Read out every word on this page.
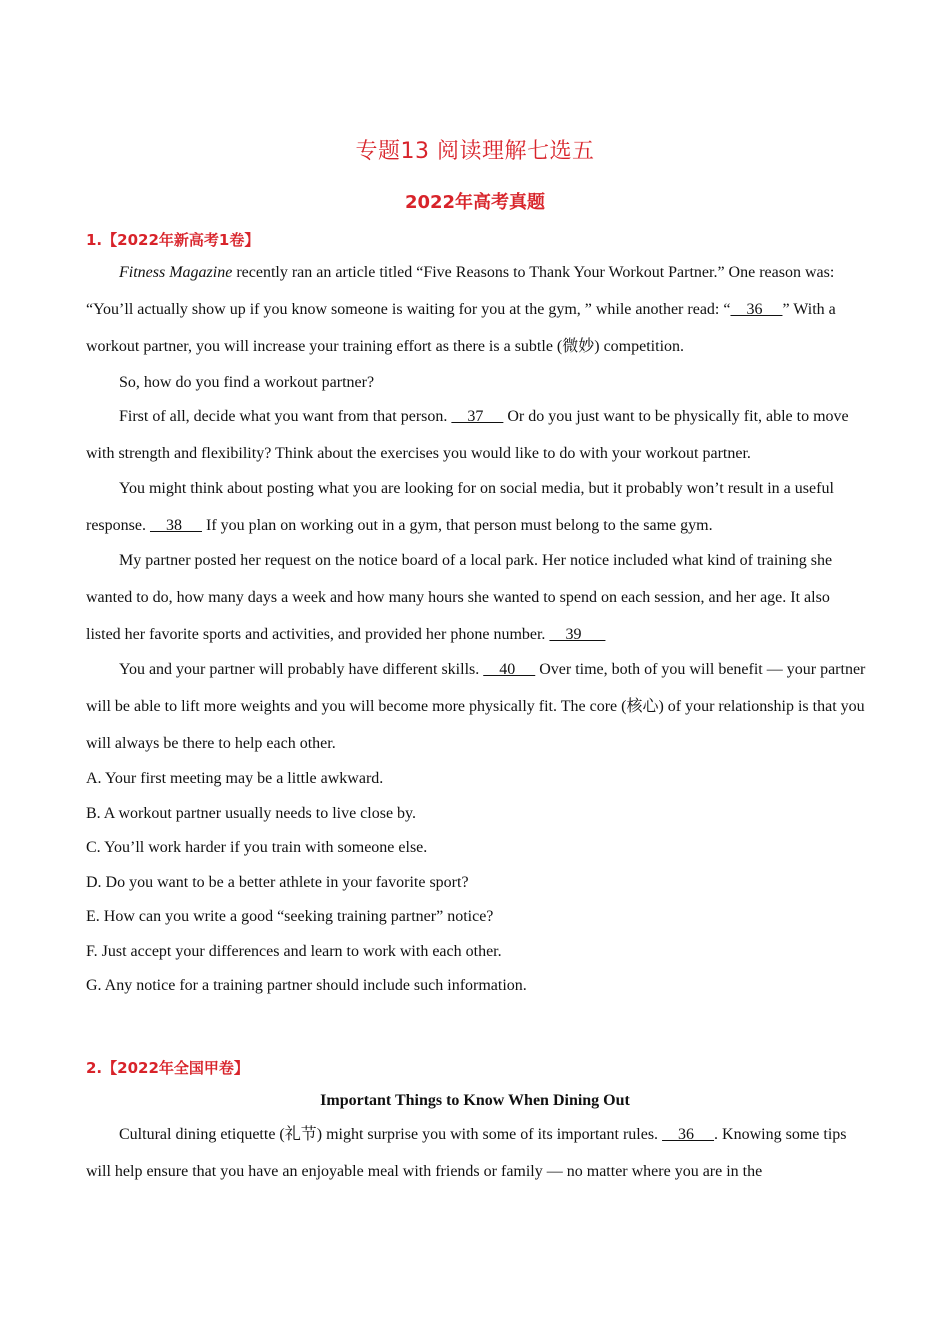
专题13 阅读理解七选五
2022年高考真题
1.【2022年新高考1卷】
Fitness Magazine recently ran an article titled “Five Reasons to Thank Your Workout Partner.” One reason was: “You’ll actually show up if you know someone is waiting for you at the gym, ” while another read: “    36     ” With a workout partner, you will increase your training effort as there is a subtle (微妙) competition.
So, how do you find a workout partner?
First of all, decide what you want from that person.     37      Or do you just want to be physically fit, able to move with strength and flexibility? Think about the exercises you would like to do with your workout partner.
You might think about posting what you are looking for on social media, but it probably won’t result in a useful response.     38      If you plan on working out in a gym, that person must belong to the same gym.
My partner posted her request on the notice board of a local park. Her notice included what kind of training she wanted to do, how many days a week and how many hours she wanted to spend on each session, and her age. It also listed her favorite sports and activities, and provided her phone number.     39
You and your partner will probably have different skills.     40      Over time, both of you will benefit — your partner will be able to lift more weights and you will become more physically fit. The core (核心) of your relationship is that you will always be there to help each other.
A. Your first meeting may be a little awkward.
B. A workout partner usually needs to live close by.
C. You’ll work harder if you train with someone else.
D. Do you want to be a better athlete in your favorite sport?
E. How can you write a good “seeking training partner” notice?
F. Just accept your differences and learn to work with each other.
G. Any notice for a training partner should include such information.
2.【2022年全国甲卷】
Important Things to Know When Dining Out
Cultural dining etiquette (礼节) might surprise you with some of its important rules.     36     . Knowing some tips will help ensure that you have an enjoyable meal with friends or family — no matter where you are in the
